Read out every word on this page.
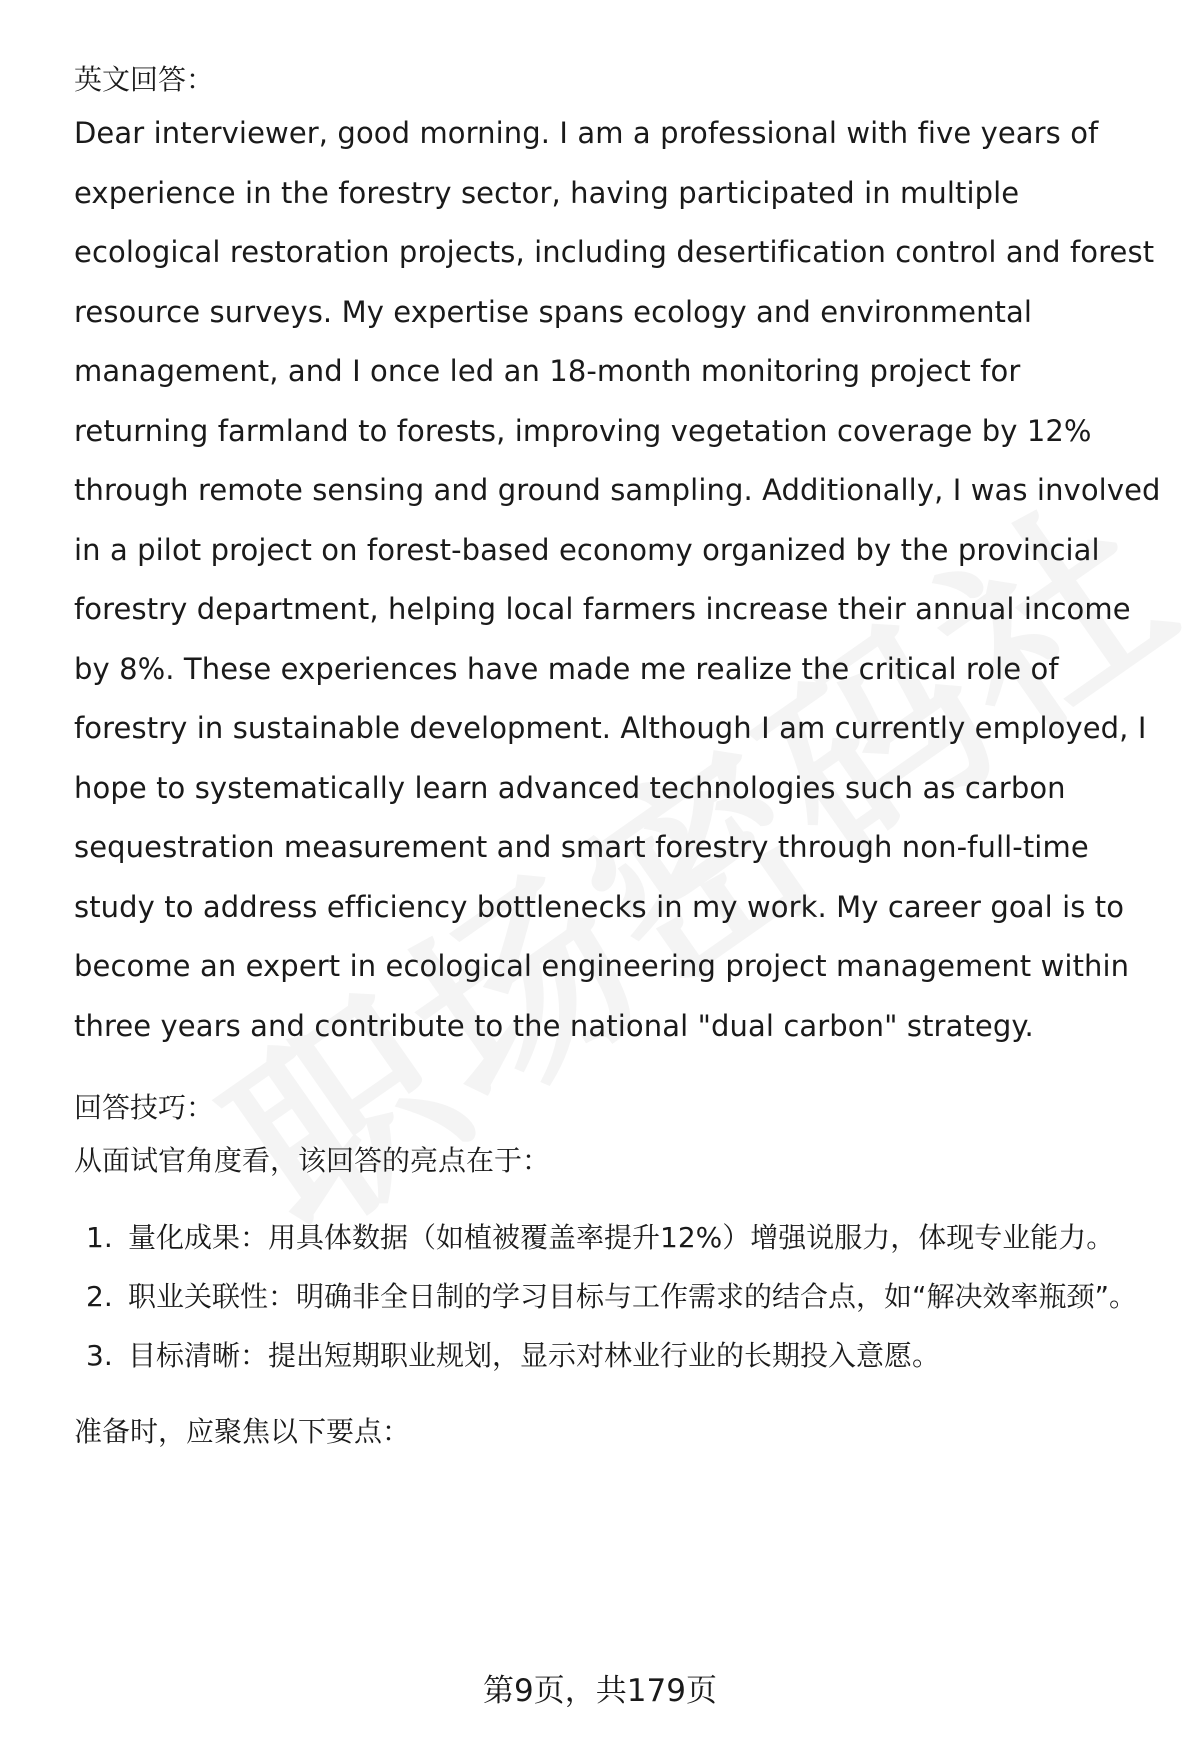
英文回答：

Dear interviewer, good morning. I am a professional with five years of experience in the forestry sector, having participated in multiple ecological restoration projects, including desertification control and forest resource surveys. My expertise spans ecology and environmental management, and I once led an 18-month monitoring project for returning farmland to forests, improving vegetation coverage by 12% through remote sensing and ground sampling. Additionally, I was involved in a pilot project on forest-based economy organized by the provincial forestry department, helping local farmers increase their annual income by 8%. These experiences have made me realize the critical role of forestry in sustainable development. Although I am currently employed, I hope to systematically learn advanced technologies such as carbon sequestration measurement and smart forestry through non-full-time study to address efficiency bottlenecks in my work. My career goal is to become an expert in ecological engineering project management within three years and contribute to the national "dual carbon" strategy.

回答技巧：

从面试官角度看，该回答的亮点在于：

1. 量化成果：用具体数据（如植被覆盖率提升12%）增强说服力，体现专业能力。
2. 职业关联性：明确非全日制的学习目标与工作需求的结合点，如“解决效率瓶颈”。
3. 目标清晰：提出短期职业规划，显示对林业行业的长期投入意愿。

准备时，应聚焦以下要点：

第9页，共179页
